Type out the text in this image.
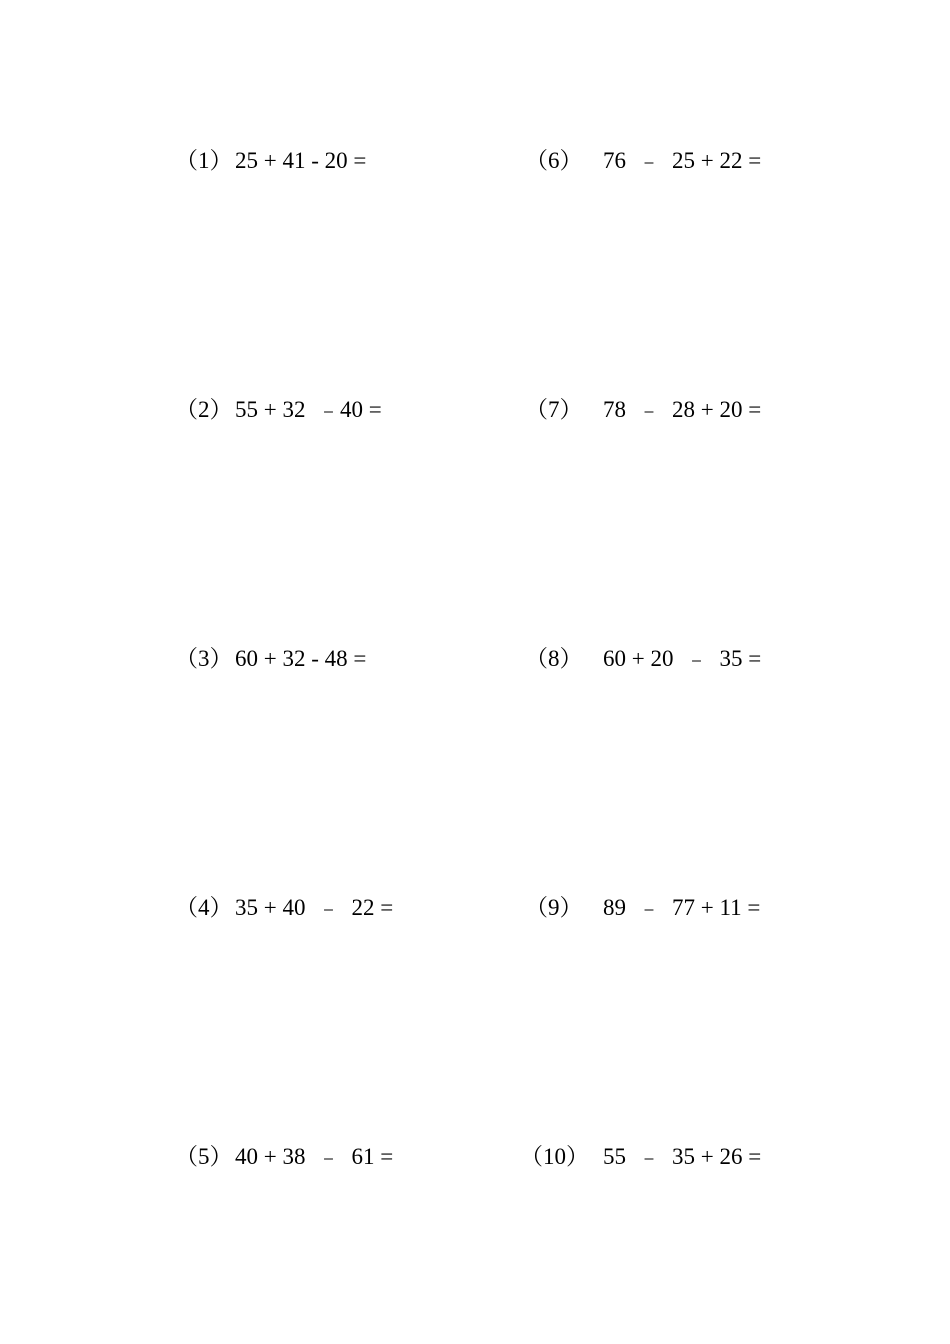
（1） 25 + 41 - 20 =

（2） 55 + 32  ﹣40 =

（3） 60 + 32 - 48 =

（4） 35 + 40  ﹣  22 =

（5） 40 + 38  ﹣  61 =

（6） 76  ﹣  25 + 22 =

（7） 78  ﹣  28 + 20 =

（8） 60 + 20  ﹣  35 =

（9） 89  ﹣  77 + 11 =

（10） 55  ﹣  35 + 26 =
